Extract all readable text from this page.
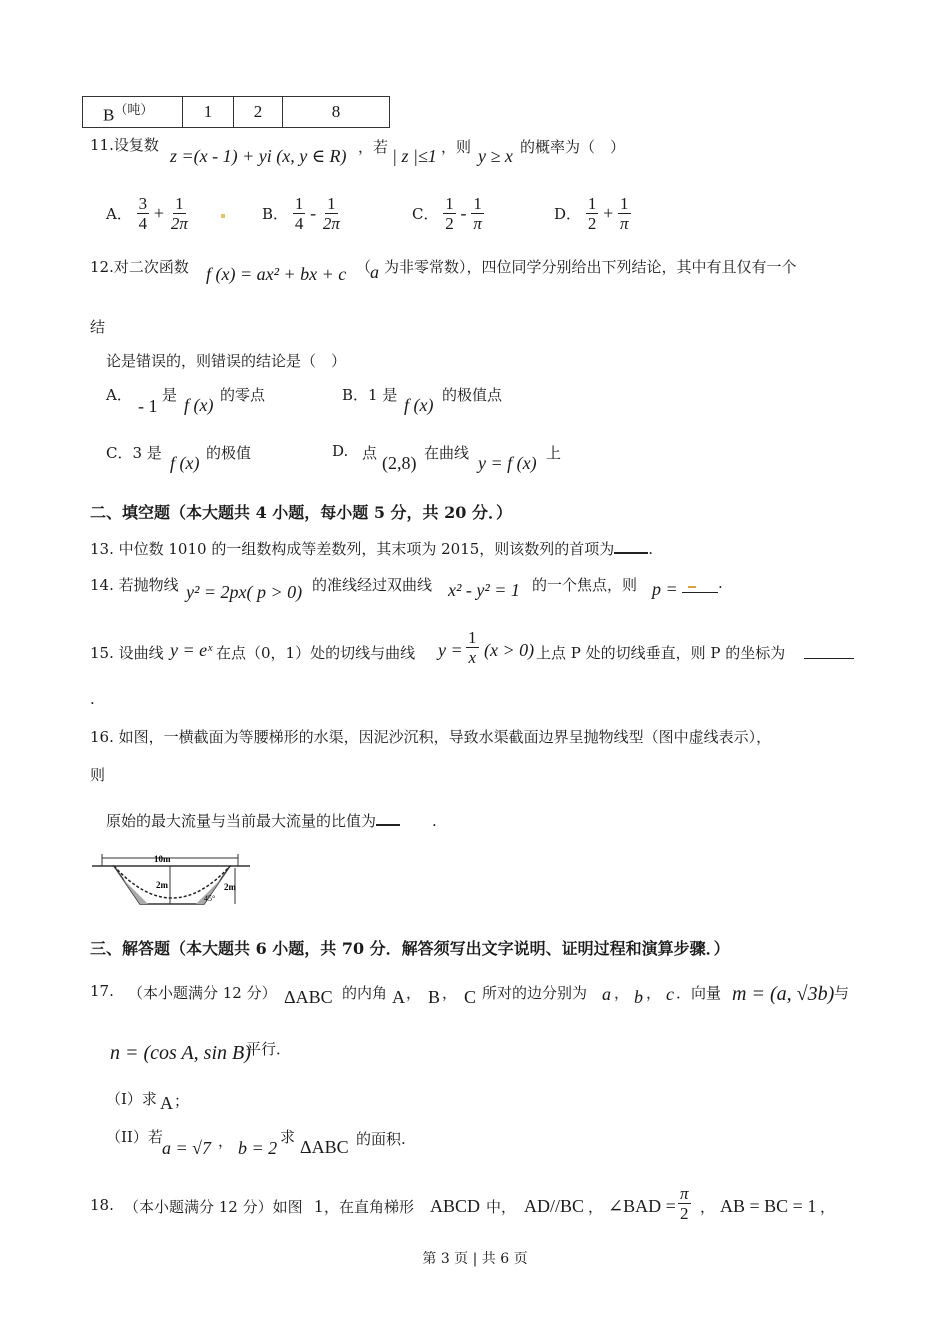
$B^{(吨)}$	1	2	8
11.设复数
z =(x - 1) + yi (x, y ∈ R) ，若 | z |≤1 ，则 y ≥ x 的概率为（　）
A． $\frac{3}{4} + \frac{1}{2\pi}$	B． $\frac{1}{4} - \frac{1}{2\pi}$	C． $\frac{1}{2} - \frac{1}{\pi}$	D． $\frac{1}{2} + \frac{1}{\pi}$
12.对二次函数 f (x) = ax² + bx + c （
a 为非零常数），四位同学分别给出下列结论，其中有且仅有一个
结
论是错误的，则错误的结论是（　）
A．
- 1
是 f (x) 的零点	B．1 是 f (x) 的极值点
C．3 是 f (x) 的极值	D. 点 (2,8) 在曲线 y = f (x) 上
二、填空题（本大题共 4 小题，每小题 5 分，共 20 分．）
13. 中位数 1010 的一组数构成等差数列，其末项为 2015，则该数列的首项为 .
14. 若抛物线 y² = 2px( p > 0) 的准线经过双曲线 x² - y² = 1 的一个焦点，则 p =	.
15. 设曲线 y = eˣ 在点（0，1）处的切线与曲线 $y = \frac{1}{x} (x > 0)$ 上点 P 处的切线垂直，则 P 的坐标为
.
16. 如图，一横截面为等腰梯形的水渠，因泥沙沉积，导致水渠截面边界呈抛物线型（图中虚线表示），
则
原始的最大流量与当前最大流量的比值为	.
10m
2m	2m
45°
三、解答题（本大题共 6 小题，共 70 分．解答须写出文字说明、证明过程和演算步骤．）
17. （本小题满分 12 分） ΔABC 的内角 A ， B ， C 所对的边分别为 a ， b ， c ．向量 m = (a, √3b) 与
n = (cos A, sin B)
平行．
（I）求 A ；
（II）若
a = √7 ， b = 2
求 ΔABC 的面积.
18. （本小题满分 12 分）如图 1 ，在直角梯形 ABCD 中， AD//BC ， ∠BAD = $\frac{\pi}{2}$ ， AB = BC = 1 ，
第 3 页 | 共 6 页
